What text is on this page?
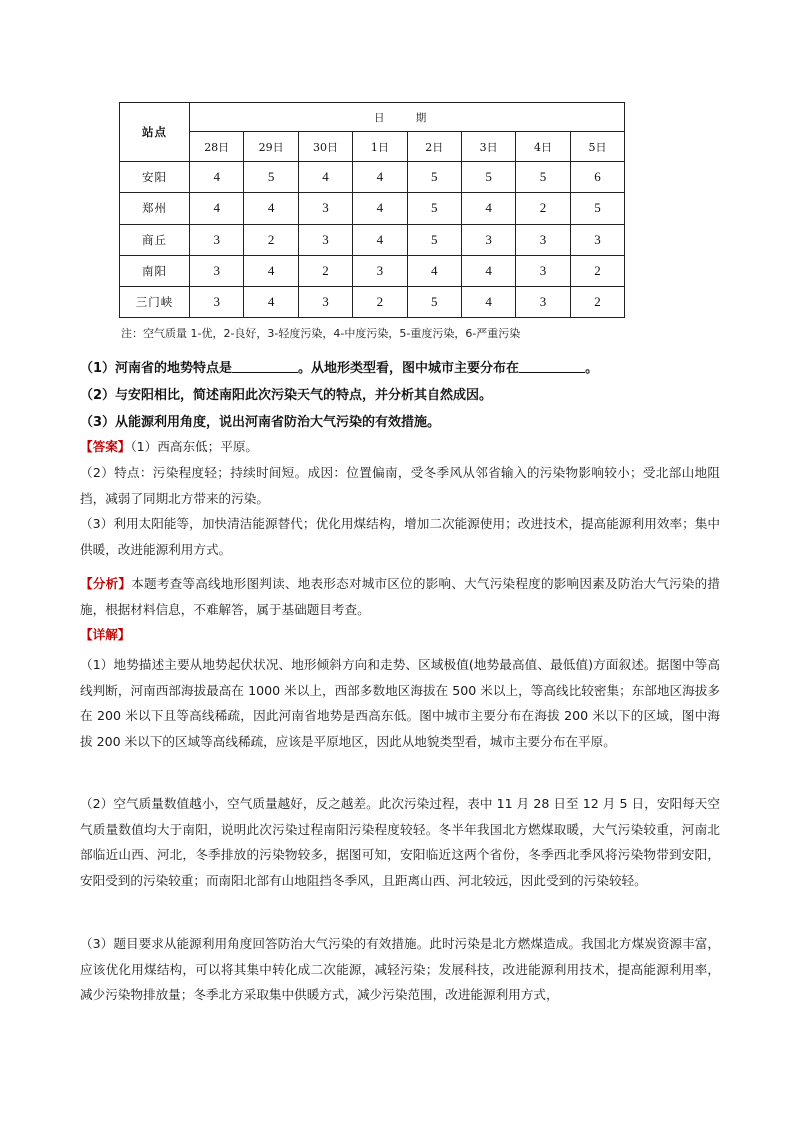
站点	日 期							
	28日	29日	30日	1日	2日	3日	4日	5日
安阳	4	5	4	4	5	5	5	6
郑州	4	4	3	4	5	4	2	5
商丘	3	2	3	4	5	3	3	3
南阳	3	4	2	3	4	4	3	2
三门峡	3	4	3	2	5	4	3	2
注：空气质量 1-优，2-良好，3-轻度污染，4-中度污染，5-重度污染，6-严重污染
（1）河南省的地势特点是	。从地形类型看，图中城市主要分布在	。
（2）与安阳相比，简述南阳此次污染天气的特点，并分析其自然成因。
（3）从能源利用角度，说出河南省防治大气污染的有效措施。
【答案】（1）西高东低；平原。
（2）特点：污染程度轻；持续时间短。成因：位置偏南，受冬季风从邻省输入的污染物影响较小；受北部山地阻挡，减弱了同期北方带来的污染。
（3）利用太阳能等，加快清洁能源替代；优化用煤结构，增加二次能源使用；改进技术，提高能源利用效率；集中供暖，改进能源利用方式。
【分析】本题考查等高线地形图判读、地表形态对城市区位的影响、大气污染程度的影响因素及防治大气污染的措施，根据材料信息，不难解答，属于基础题目考查。
【详解】
（1）地势描述主要从地势起伏状况、地形倾斜方向和走势、区域极值(地势最高值、最低值)方面叙述。据图中等高线判断，河南西部海拔最高在 1000 米以上，西部多数地区海拔在 500 米以上，等高线比较密集；东部地区海拔多在 200 米以下且等高线稀疏，因此河南省地势是西高东低。图中城市主要分布在海拔 200 米以下的区域，图中海拔 200 米以下的区域等高线稀疏，应该是平原地区，因此从地貌类型看，城市主要分布在平原。
（2）空气质量数值越小，空气质量越好，反之越差。此次污染过程，表中 11 月 28 日至 12 月 5 日，安阳每天空气质量数值均大于南阳，说明此次污染过程南阳污染程度较轻。冬半年我国北方燃煤取暖，大气污染较重，河南北部临近山西、河北，冬季排放的污染物较多，据图可知，安阳临近这两个省份，冬季西北季风将污染物带到安阳，安阳受到的污染较重；而南阳北部有山地阻挡冬季风，且距离山西、河北较远，因此受到的污染较轻。
（3）题目要求从能源利用角度回答防治大气污染的有效措施。此时污染是北方燃煤造成。我国北方煤炭资源丰富，应该优化用煤结构，可以将其集中转化成二次能源，减轻污染；发展科技，改进能源利用技术，提高能源利用率，减少污染物排放量；冬季北方采取集中供暖方式，减少污染范围，改进能源利用方式，
